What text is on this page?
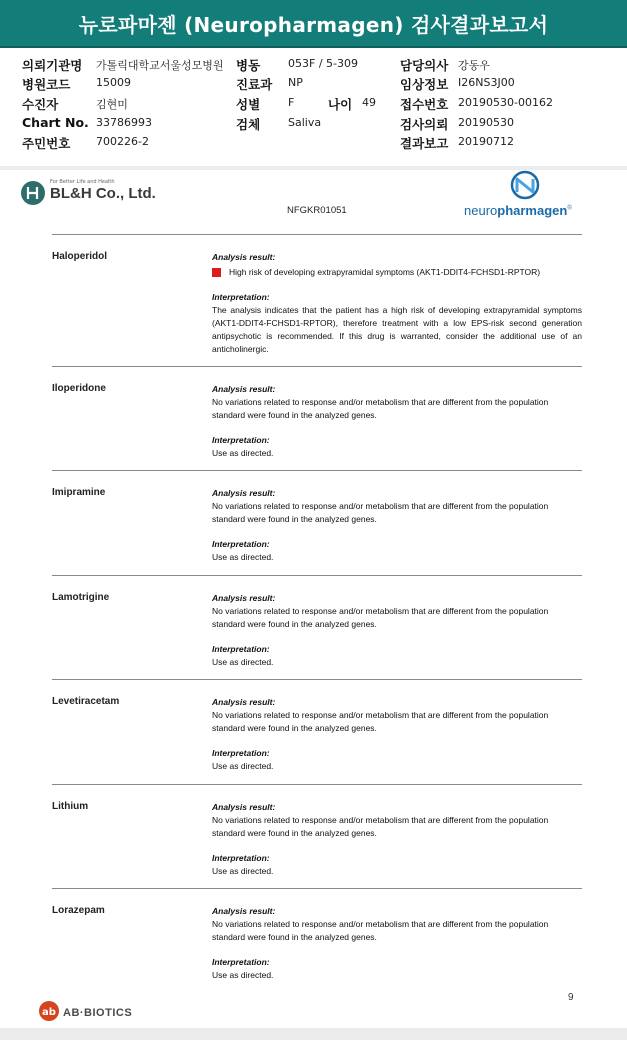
뉴로파마젠 (Neuropharmagen) 검사결과보고서
의뢰기관명 가톨릭대학교서울성모병원 병동	053F / 5-309	담당의사 강동우
병원코드 15009	진료과 NP	임상정보 I26NS3J00
수진자	김현미	성별	F	나이 49 접수번호 20190530-00162
Chart No. 33786993	검체	Saliva	검사의뢰 20190530
주민번호 700226-2	결과보고 20190712
For Better Life and Health
BL&H Co., Ltd.
NFGKR01051	neuropharmagen®
Haloperidol	Analysis result:
High risk of developing extrapyramidal symptoms (AKT1-DDIT4-FCHSD1-RPTOR)
Interpretation:
The analysis indicates that the patient has a high risk of developing extrapyramidal symptoms (AKT1-DDIT4-FCHSD1-RPTOR), therefore treatment with a low EPS-risk second generation antipsychotic is recommended. If this drug is warranted, consider the additional use of an anticholinergic.
Iloperidone	Analysis result:
No variations related to response and/or metabolism that are different from the population standard were found in the analyzed genes.
Interpretation:
Use as directed.
Imipramine	Analysis result:
No variations related to response and/or metabolism that are different from the population standard were found in the analyzed genes.
Interpretation:
Use as directed.
Lamotrigine	Analysis result:
No variations related to response and/or metabolism that are different from the population standard were found in the analyzed genes.
Interpretation:
Use as directed.
Levetiracetam	Analysis result:
No variations related to response and/or metabolism that are different from the population standard were found in the analyzed genes.
Interpretation:
Use as directed.
Lithium	Analysis result:
No variations related to response and/or metabolism that are different from the population standard were found in the analyzed genes.
Interpretation:
Use as directed.
Lorazepam	Analysis result:
No variations related to response and/or metabolism that are different from the population standard were found in the analyzed genes.
Interpretation:
Use as directed.
9
ab AB·BIOTICS
